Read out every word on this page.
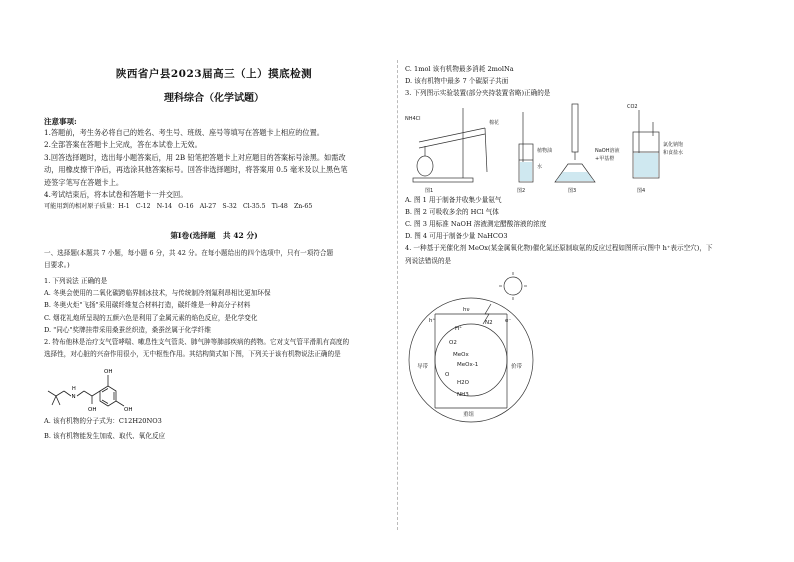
陕西省户县2023届高三（上）摸底检测
理科综合（化学试题）
注意事项:
1.答题前，考生务必将自己的姓名、考生号、班级、座号等填写在答题卡上相应的位置。
2.全部答案在答题卡上完成，答在本试卷上无效。
3.回答选择题时，选出每小题答案后，用 2B 铅笔把答题卡上对应题目的答案标号涂黑。如需改
动，用橡皮擦干净后，再选涂其他答案标号。回答非选择题时，将答案用 0.5 毫米及以上黑色笔
迹签字笔写在答题卡上。
4.考试结束后，将本试卷和答题卡一并交回。
可能用到的相对原子质量：H-1　C-12　N-14　O-16　Al-27　S-32　Cl-35.5　Ti-48　Zn-65
第Ⅰ卷(选择题　共 42 分)
一、选择题(本题共 7 小题，每小题 6 分，共 42 分。在每小题给出的四个选项中，只有一项符合题
目要求。)
1. 下列说法 正确的是
A. 冬奥会使用的二氧化碳跨临界制冰技术，与传统制冷剂氟利昂相比更加环保
B. 冬奥火炬"飞扬"采用碳纤维复合材料打造，碳纤维是一种高分子材料
C. 烟花礼炮所呈现的五颜六色是利用了金属元素的焰色反应，是化学变化
D. "同心"奖牌挂带采用桑蚕丝织造，桑蚕丝属于化学纤维
2. 特布他林是治疗支气管哮喘、嗽息性支气管炎、肺气肿等肺部疾病的药物。它对支气管平滑肌有高度的
选择性，对心脏的兴奋作用很小，无中枢性作用。其结构简式如下图，下列关于该有机物说法正确的是
OH
OH
OH
N
H
A. 该有机物的分子式为：C12H20NO3
B. 该有机物能发生加成、取代、氧化反应
C. 1mol 该有机物最多消耗 2molNa
D. 该有机物中最多 7 个碳原子共面
3. 下列图示实验装置(部分夹持装置省略)正确的是
NH4Cl
棉花
植物油
水
NaOH溶液
+甲基橙
CO2
氯化钠饱
和食盐水
图1	图2	图3	图4
A. 图 1 用于制备并收集少量氨气
B. 图 2 可吸收多余的 HCl 气体
C. 图 3 用标准 NaOH 溶液测定醋酸溶液的浓度
D. 图 4 可用于制备少量 NaHCO3
4. 一种基于光催化剂 MeOx(某金属氧化物)催化氮还原制取氨的反应过程如图所示(图中 h⁺表示空穴)，下
列说法错误的是
hν
H⁺
N2
O2
MeOx
MeOx-1
O
H2O
NH3
导带	价带
重组
h⁺	e⁻
